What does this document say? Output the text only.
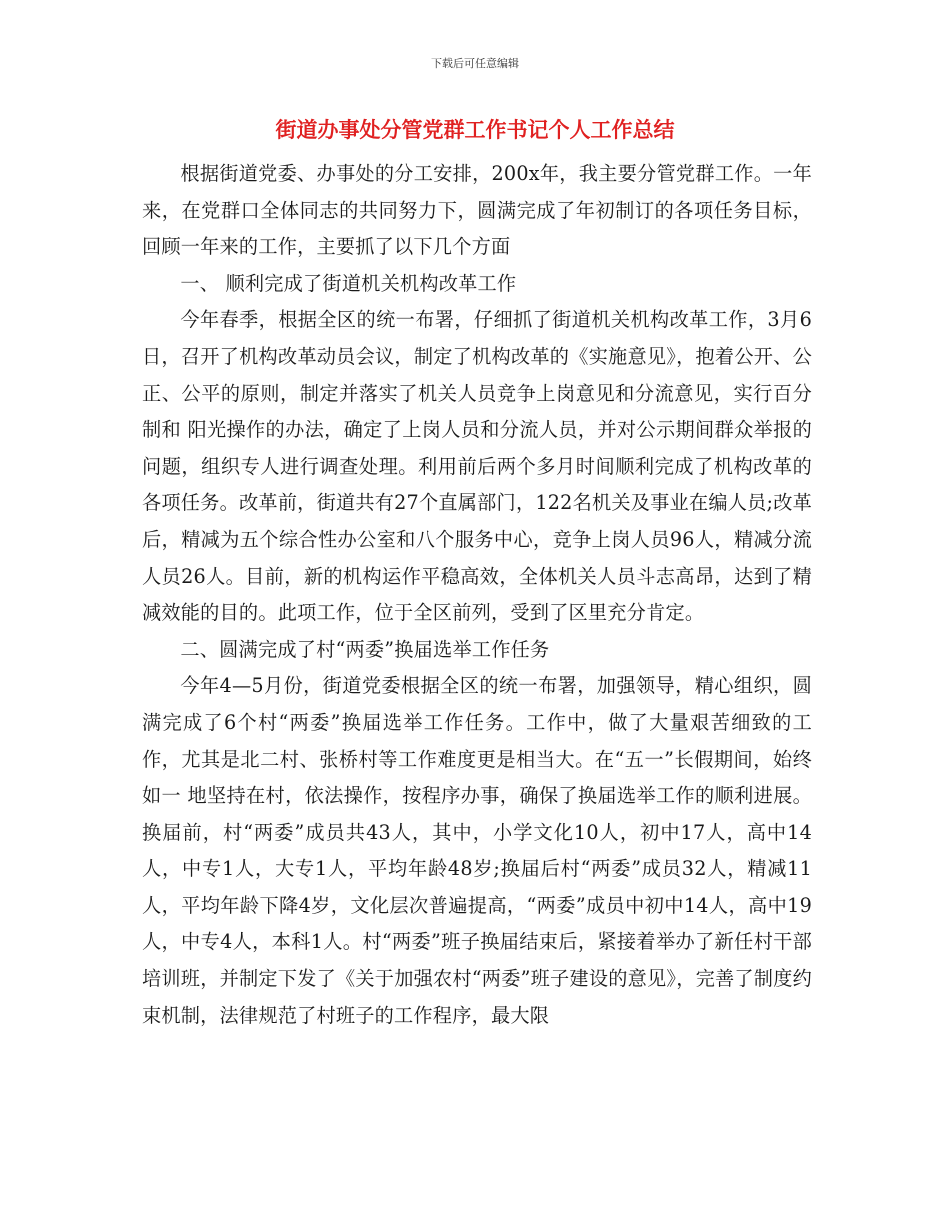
下载后可任意编辑
街道办事处分管党群工作书记个人工作总结

根据街道党委、办事处的分工安排，200x年，我主要分管党群工作。一年来，在党群口全体同志的共同努力下，圆满完成了年初制订的各项任务目标，回顾一年来的工作，主要抓了以下几个方面

一、 顺利完成了街道机关机构改革工作

今年春季，根据全区的统一布署，仔细抓了街道机关机构改革工作，3月6日，召开了机构改革动员会议，制定了机构改革的《实施意见》，抱着公开、公正、公平的原则，制定并落实了机关人员竞争上岗意见和分流意见，实行百分制和 阳光操作的办法，确定了上岗人员和分流人员，并对公示期间群众举报的问题，组织专人进行调查处理。利用前后两个多月时间顺利完成了机构改革的各项任务。改革前，街道共有27个直属部门，122名机关及事业在编人员;改革后，精减为五个综合性办公室和八个服务中心，竞争上岗人员96人，精减分流人员26人。目前，新的机构运作平稳高效，全体机关人员斗志高昂，达到了精减效能的目的。此项工作，位于全区前列，受到了区里充分肯定。

二、圆满完成了村“两委”换届选举工作任务

今年4—5月份，街道党委根据全区的统一布署，加强领导，精心组织，圆满完成了6个村“两委”换届选举工作任务。工作中，做了大量艰苦细致的工作，尤其是北二村、张桥村等工作难度更是相当大。在“五一”长假期间，始终如一 地坚持在村，依法操作，按程序办事，确保了换届选举工作的顺利进展。换届前，村“两委”成员共43人，其中，小学文化10人，初中17人，高中14人，中专1人，大专1人，平均年龄48岁;换届后村“两委”成员32人，精减11人，平均年龄下降4岁，文化层次普遍提高，“两委”成员中初中14人，高中19人，中专4人，本科1人。村“两委”班子换届结束后，紧接着举办了新任村干部培训班，并制定下发了《关于加强农村“两委”班子建设的意见》，完善了制度约束机制，法律规范了村班子的工作程序，最大限
